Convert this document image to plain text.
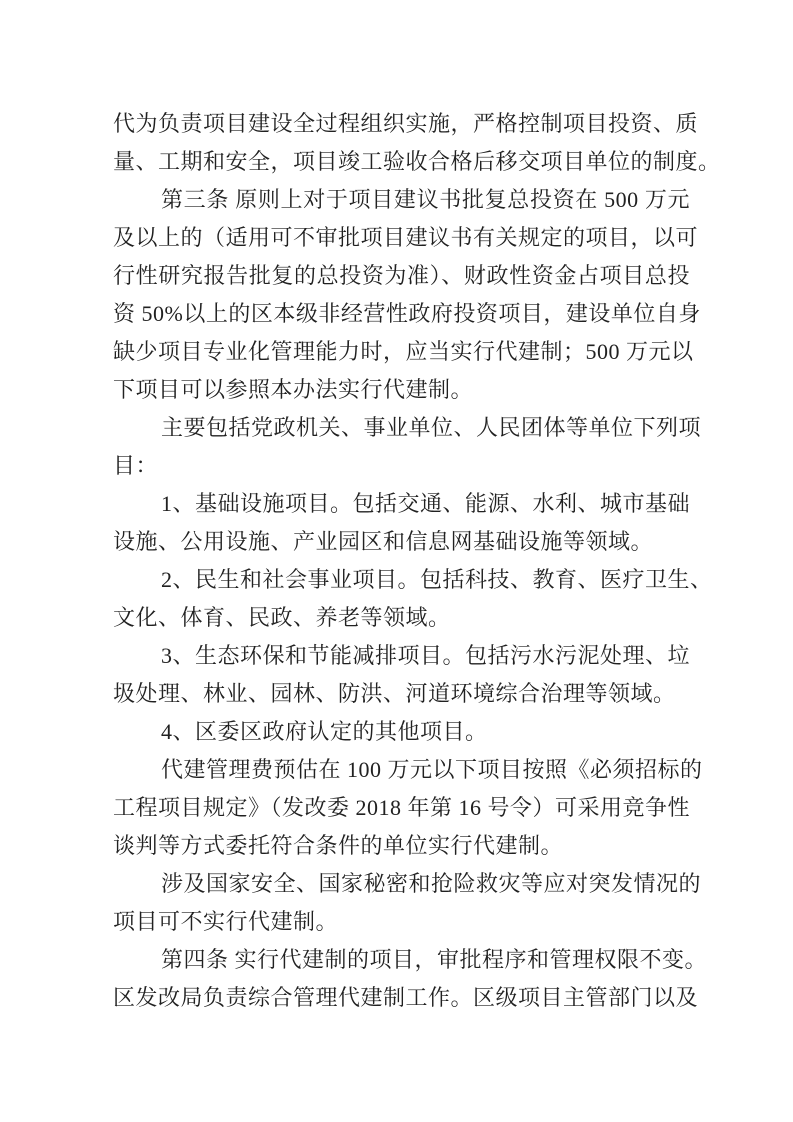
代为负责项目建设全过程组织实施，严格控制项目投资、质
量、工期和安全，项目竣工验收合格后移交项目单位的制度。
第三条 原则上对于项目建议书批复总投资在 500 万元
及以上的（适用可不审批项目建议书有关规定的项目，以可
行性研究报告批复的总投资为准）、财政性资金占项目总投
资 50%以上的区本级非经营性政府投资项目，建设单位自身
缺少项目专业化管理能力时，应当实行代建制；500 万元以
下项目可以参照本办法实行代建制。
主要包括党政机关、事业单位、人民团体等单位下列项
目：
1、基础设施项目。包括交通、能源、水利、城市基础
设施、公用设施、产业园区和信息网基础设施等领域。
2、民生和社会事业项目。包括科技、教育、医疗卫生、
文化、体育、民政、养老等领域。
3、生态环保和节能减排项目。包括污水污泥处理、垃
圾处理、林业、园林、防洪、河道环境综合治理等领域。
4、区委区政府认定的其他项目。
代建管理费预估在 100 万元以下项目按照《必须招标的
工程项目规定》（发改委 2018 年第 16 号令）可采用竞争性
谈判等方式委托符合条件的单位实行代建制。
涉及国家安全、国家秘密和抢险救灾等应对突发情况的
项目可不实行代建制。
第四条 实行代建制的项目，审批程序和管理权限不变。
区发改局负责综合管理代建制工作。区级项目主管部门以及
